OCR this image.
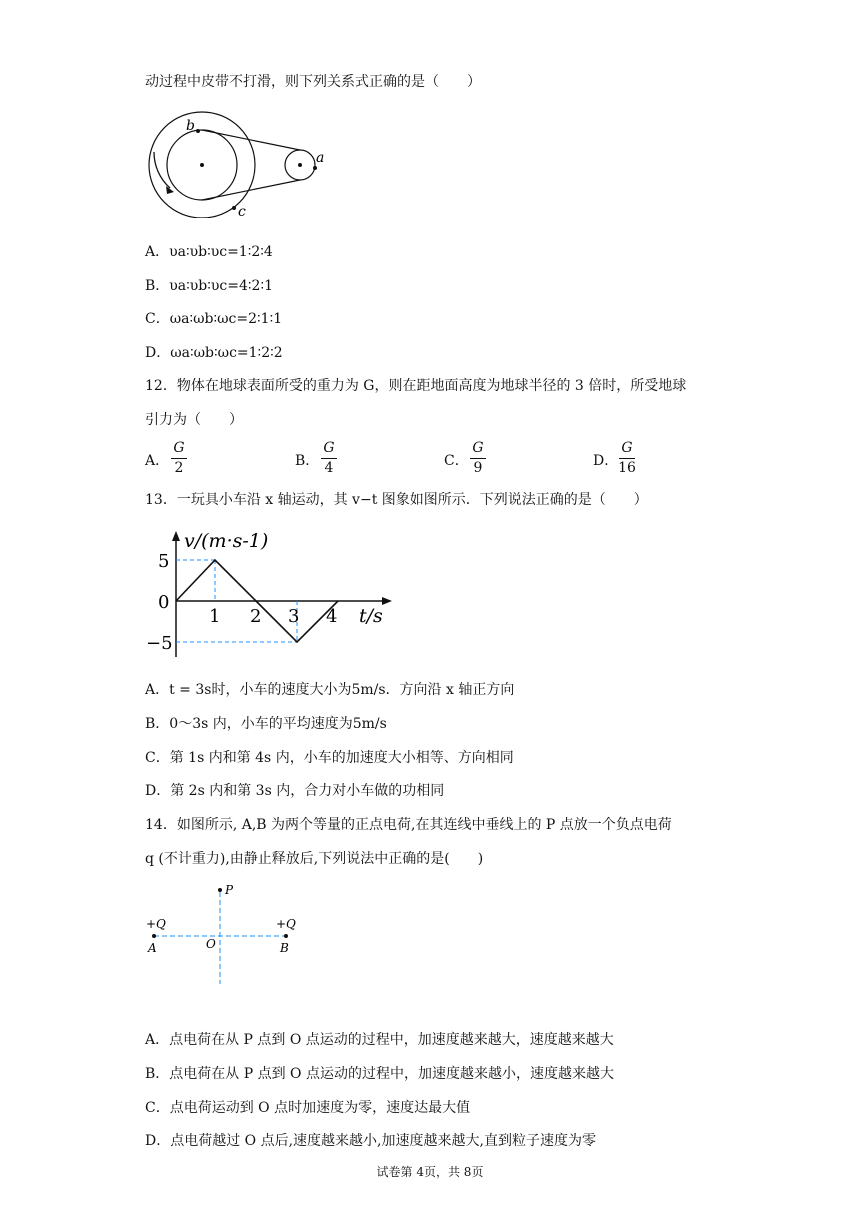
动过程中皮带不打滑，则下列关系式正确的是（　　）
b
a
c
A．υa∶υb∶υc=1∶2∶4
B．υa∶υb∶υc=4∶2∶1
C．ωa∶ωb∶ωc=2∶1∶1
D．ωa∶ωb∶ωc=1∶2∶2
12．物体在地球表面所受的重力为 G，则在距地面高度为地球半径的 3 倍时，所受地球
引力为（　　）
A．
G
2	B．
G
4	C．
G
9	D．
G
16
13．一玩具小车沿 x 轴运动，其 v−t 图象如图所示．下列说法正确的是（　　）
v/(m·s-1)
5
0
−5
1 2 3 4 t/s
A．t = 3s时，小车的速度大小为5m/s．方向沿 x 轴正方向
B．0～3s 内，小车的平均速度为5m/s
C．第 1s 内和第 4s 内，小车的加速度大小相等、方向相同
D．第 2s 内和第 3s 内，合力对小车做的功相同
14．如图所示, A,B 为两个等量的正点电荷,在其连线中垂线上的 P 点放一个负点电荷
q (不计重力),由静止释放后,下列说法中正确的是(　　)
P
+Q	+Q
A	O	B
A．点电荷在从 P 点到 O 点运动的过程中，加速度越来越大，速度越来越大
B．点电荷在从 P 点到 O 点运动的过程中，加速度越来越小，速度越来越大
C．点电荷运动到 O 点时加速度为零，速度达最大值
D．点电荷越过 O 点后,速度越来越小,加速度越来越大,直到粒子速度为零
试卷第 4页，共 8页
